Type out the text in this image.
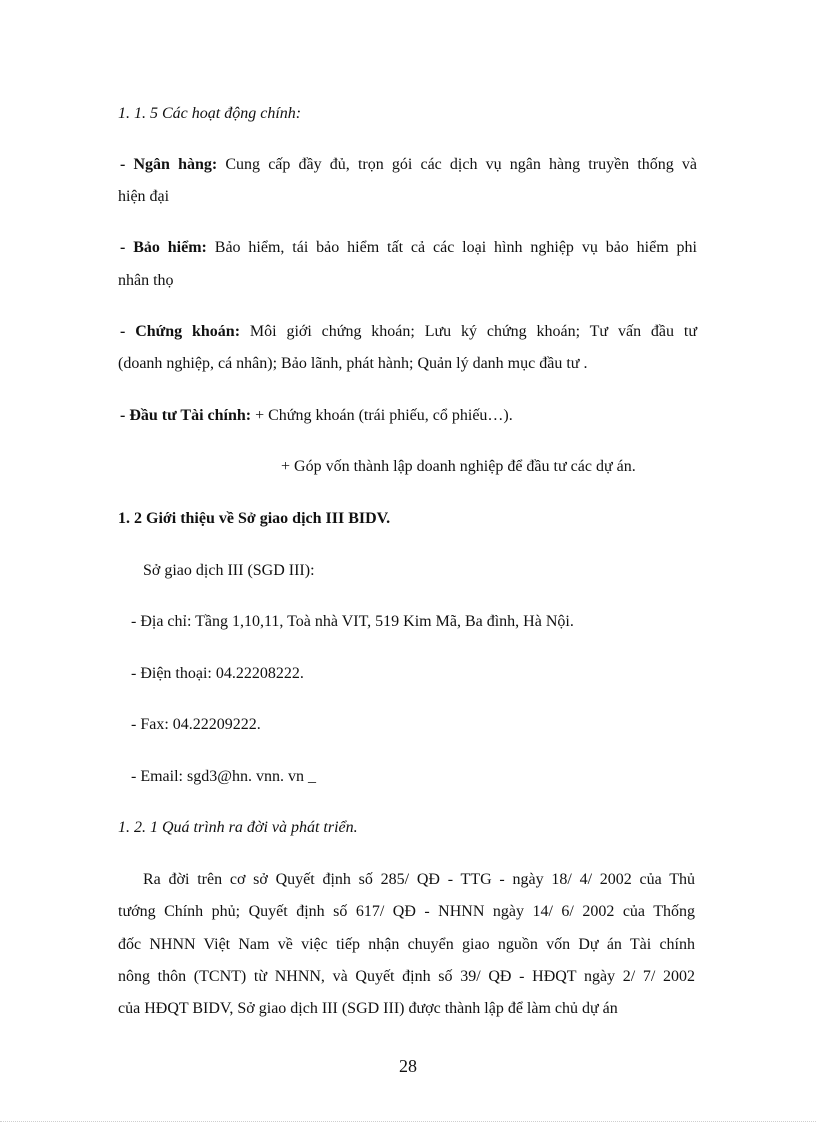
1. 1. 5 Các hoạt động chính:
- Ngân hàng: Cung cấp đầy đủ, trọn gói các dịch vụ ngân hàng truyền thống và
hiện đại
- Bảo hiểm: Bảo hiểm, tái bảo hiểm tất cả các loại hình nghiệp vụ bảo hiểm phi
nhân thọ
- Chứng khoán: Môi giới chứng khoán; Lưu ký chứng khoán; Tư vấn đầu tư
(doanh nghiệp, cá nhân); Bảo lãnh, phát hành; Quản lý danh mục đầu tư .
- Đầu tư Tài chính: + Chứng khoán (trái phiếu, cổ phiếu…).
+ Góp vốn thành lập doanh nghiệp để đầu tư các dự án.
1. 2 Giới thiệu về Sở giao dịch III BIDV.
Sở giao dịch III (SGD III):
- Địa chỉ: Tầng 1,10,11, Toà nhà VIT, 519 Kim Mã, Ba đình, Hà Nội.
- Điện thoại: 04.22208222.
- Fax: 04.22209222.
- Email: sgd3@hn. vnn. vn _
1. 2. 1 Quá trình ra đời và phát triển.
Ra đời trên cơ sở Quyết định số 285/ QĐ - TTG - ngày 18/ 4/ 2002 của Thủ
tướng Chính phủ; Quyết định số 617/ QĐ - NHNN ngày 14/ 6/ 2002 của Thống
đốc NHNN Việt Nam về việc tiếp nhận chuyển giao nguồn vốn Dự án Tài chính
nông thôn (TCNT) từ NHNN, và Quyết định số 39/ QĐ - HĐQT ngày 2/ 7/ 2002
của HĐQT BIDV, Sở giao dịch III (SGD III) được thành lập để làm chủ dự án
28
